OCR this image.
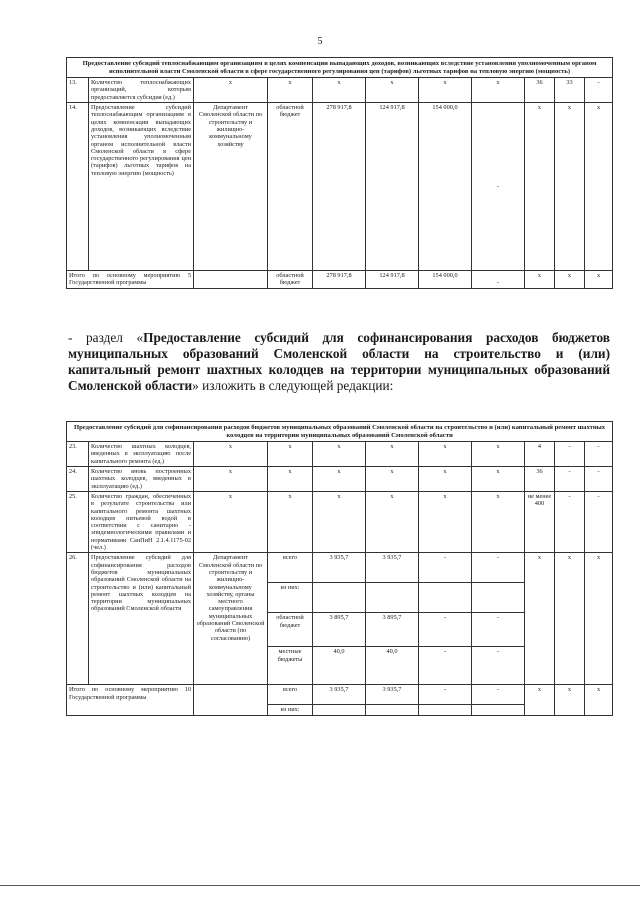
5
Предоставление субсидий теплоснабжающим организациям в целях компенсации выпадающих доходов, возникающих вследствие установления уполномоченным органом исполнительной власти Смоленской области в сфере государственного регулирования цен (тарифов) льготных тарифов на тепловую энергию (мощность)										
13.	Количество теплоснабжающих организаций, которым предоставляется субсидия (ед.)	х	х	х	х	х	х	36	33	-
14.	Предоставление субсидий теплоснабжающим организациям в целях компенсации выпадающих доходов, возникающих вследствие установления уполномоченным органом исполнительной власти Смоленской области в сфере государственного регулирования цен (тарифов) льготных тарифов на тепловую энергию (мощность)	Департамент Смоленской области по строительству и жилищно-коммунальному хозяйству	областной бюджет	278 917,8	124 917,8	154 000,0	-	х	х	х
Итого по основному мероприятию 5 Государственной программы			областной бюджет	278 917,8	124 917,8	154 000,0	-	х	х	х
- раздел «Предоставление субсидий для софинансирования расходов бюджетов муниципальных образований Смоленской области на строительство и (или) капитальный ремонт шахтных колодцев на территории муниципальных образований Смоленской области» изложить в следующей редакции:
Предоставление субсидий для софинансирования расходов бюджетов муниципальных образований Смоленской области на строительство и (или) капитальный ремонт шахтных колодцев на территории муниципальных образований Смоленской области										
23.	Количество шахтных колодцев, введенных в эксплуатацию после капитального ремонта (ед.)	х	х	х	х	х	х	4	-	-
24.	Количество вновь построенных шахтных колодцев, введенных в эксплуатацию (ед.)	х	х	х	х	х	х	36	-	-
25.	Количество граждан, обеспеченных в результате строительства или капитального ремонта шахтных колодцев питьевой водой в соответствии с санитарно - эпидемиологическими правилами и нормативами СанПиН 2.1.4.1175-02 (чел.)	х	х	х	х	х	х	не менее 400	-	-
26.	Предоставление субсидий для софинансирования расходов бюджетов муниципальных образований Смоленской области на строительство и (или) капитальный ремонт шахтных колодцев на территории муниципальных образований Смоленской области	Департамент Смоленской области по строительству и жилищно-коммунальному хозяйству, органы местного самоуправления муниципальных образований Смоленской области (по согласованию)	всего	3 935,7	3 935,7	-	-	х	х	х
			из них:							
			областной бюджет	3 895,7	3 895,7	-	-			
			местные бюджеты	40,0	40,0	-	-			
Итого по основному мероприятию 10 Государственной программы			всего	3 935,7	3 935,7	-	-	х	х	х
			из них:							
